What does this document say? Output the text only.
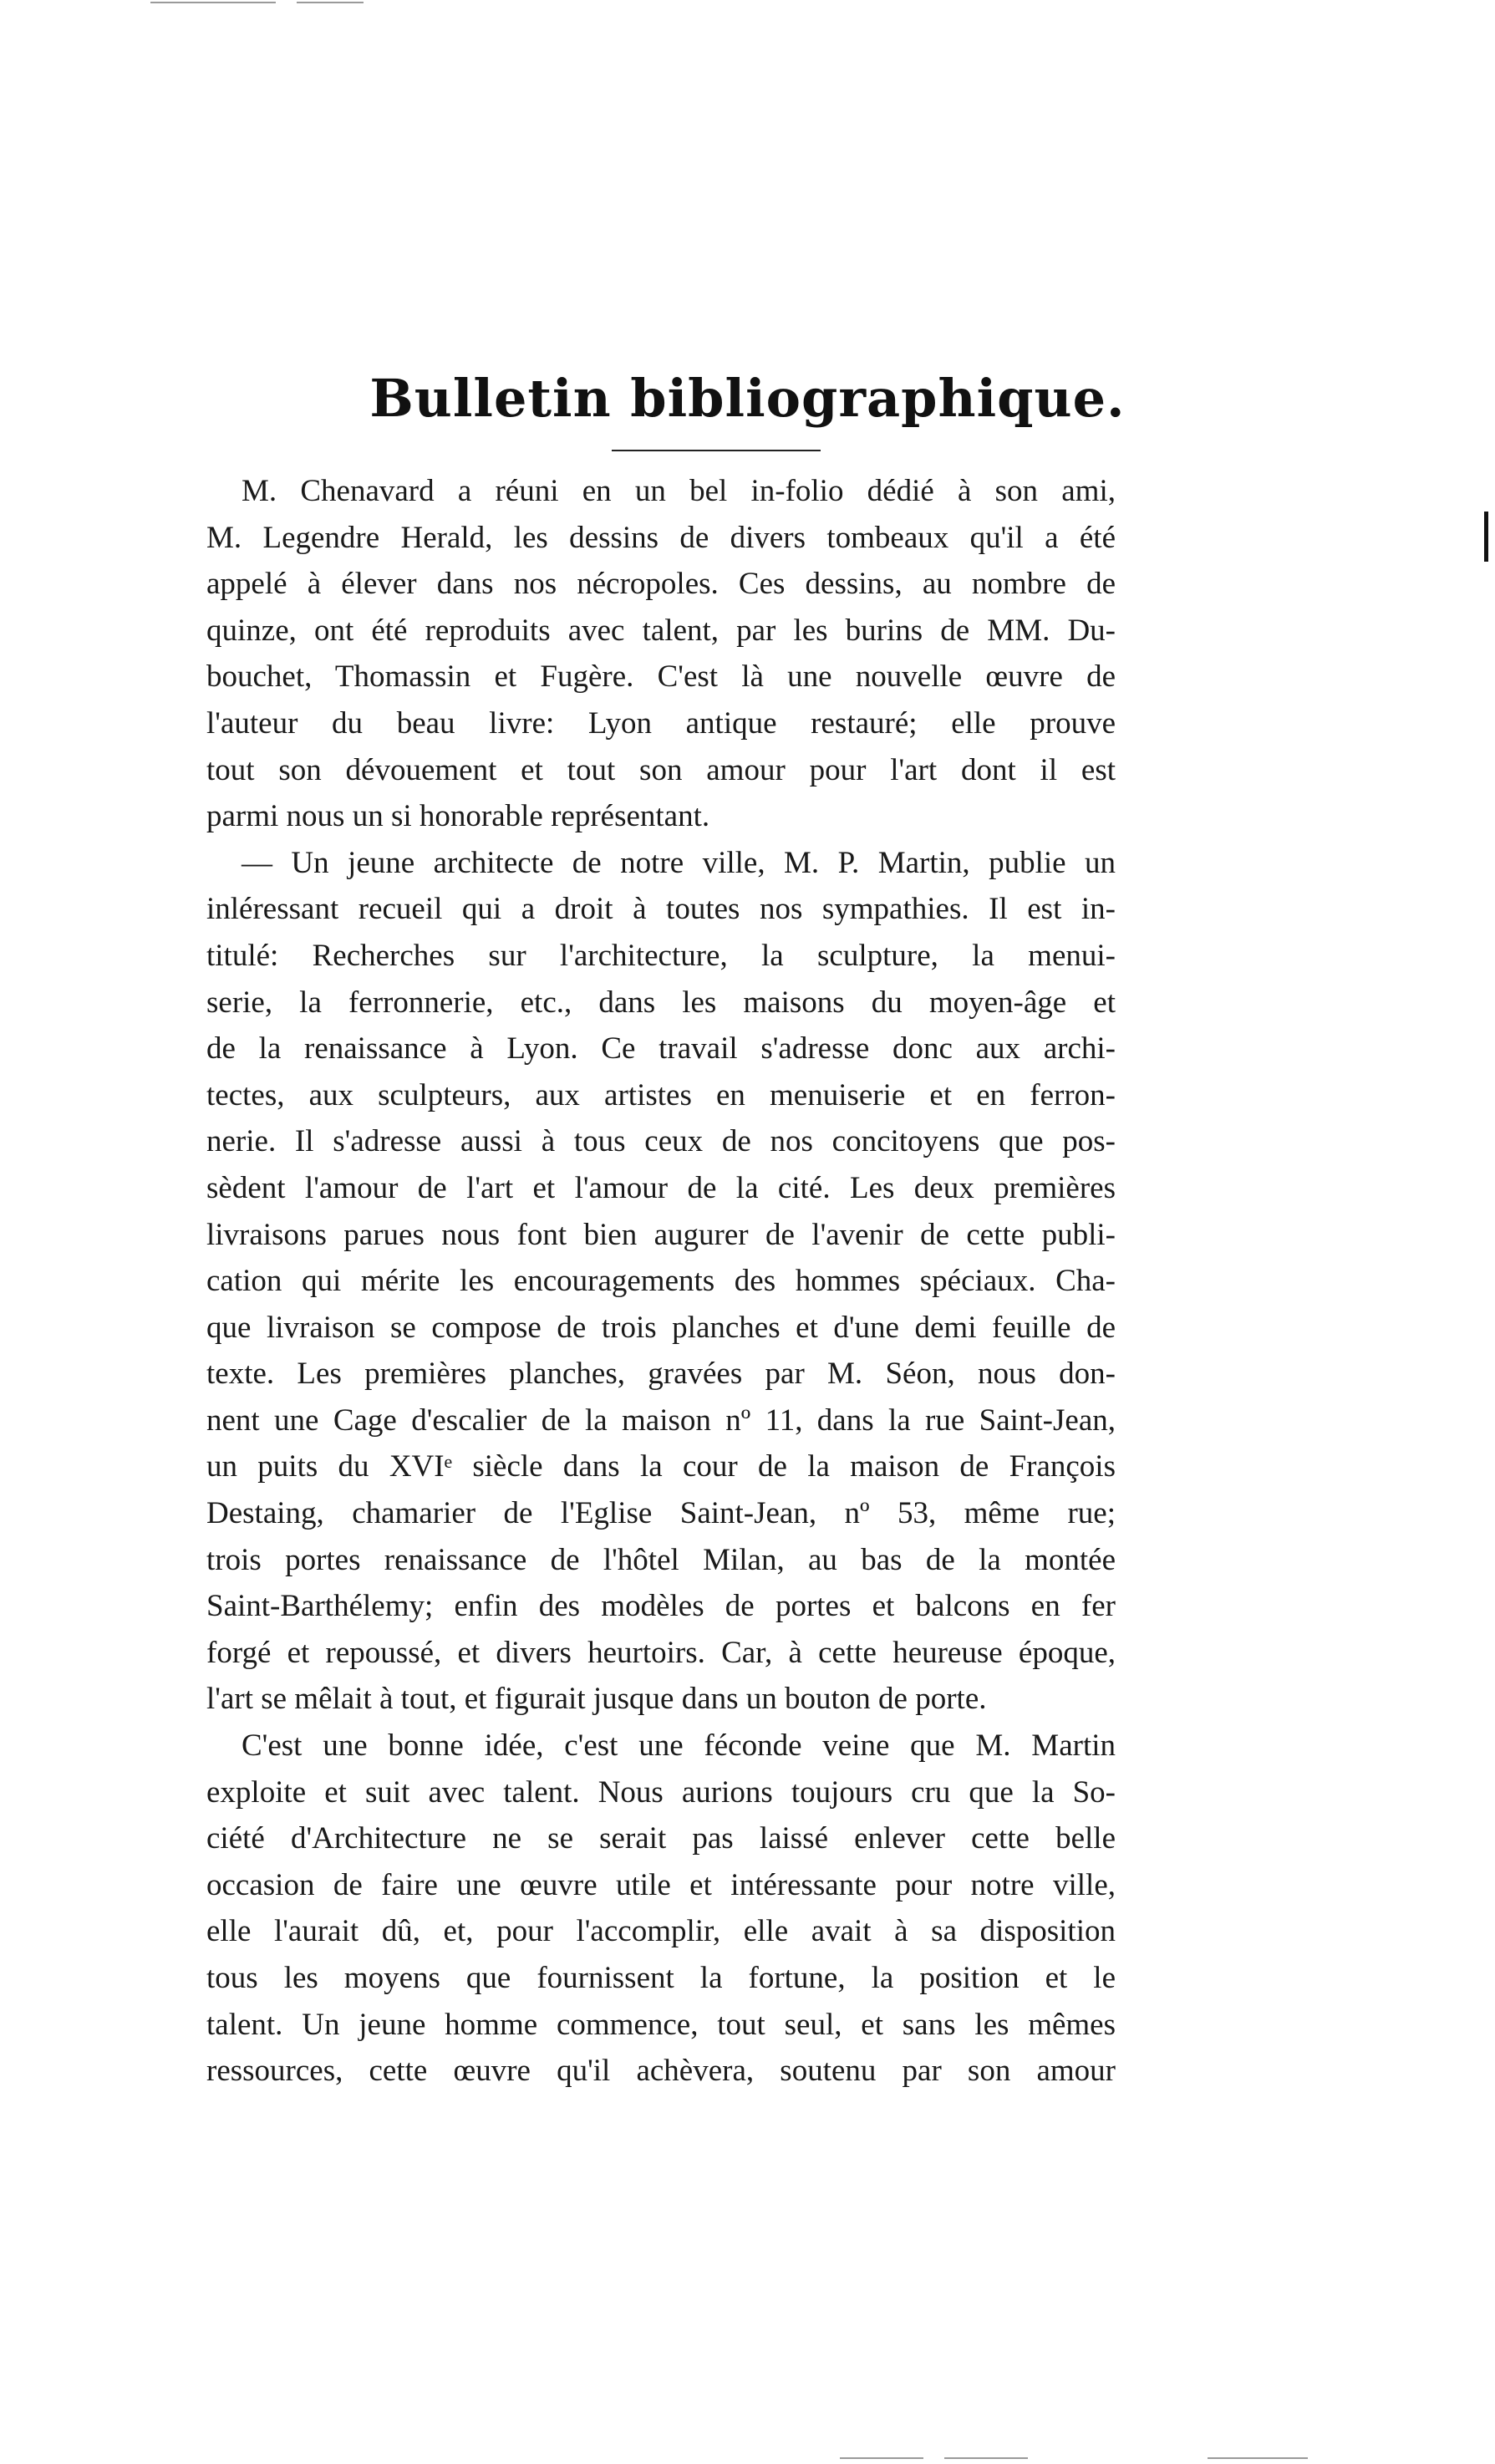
Bulletin bibliographique.
M. Chenavard a réuni en un bel in-folio dédié à son ami,
M. Legendre Herald, les dessins de divers tombeaux qu'il a été
appelé à élever dans nos nécropoles. Ces dessins, au nombre de
quinze, ont été reproduits avec talent, par les burins de MM. Du-
bouchet, Thomassin et Fugère. C'est là une nouvelle œuvre de
l'auteur du beau livre: Lyon antique restauré; elle prouve
tout son dévouement et tout son amour pour l'art dont il est
parmi nous un si honorable représentant.
— Un jeune architecte de notre ville, M. P. Martin, publie un
inléressant recueil qui a droit à toutes nos sympathies. Il est in-
titulé: Recherches sur l'architecture, la sculpture, la menui-
serie, la ferronnerie, etc., dans les maisons du moyen-âge et
de la renaissance à Lyon. Ce travail s'adresse donc aux archi-
tectes, aux sculpteurs, aux artistes en menuiserie et en ferron-
nerie. Il s'adresse aussi à tous ceux de nos concitoyens que pos-
sèdent l'amour de l'art et l'amour de la cité. Les deux premières
livraisons parues nous font bien augurer de l'avenir de cette publi-
cation qui mérite les encouragements des hommes spéciaux. Cha-
que livraison se compose de trois planches et d'une demi feuille de
texte. Les premières planches, gravées par M. Séon, nous don-
nent une Cage d'escalier de la maison nº 11, dans la rue Saint-Jean,
un puits du XVIᵉ siècle dans la cour de la maison de François
Destaing, chamarier de l'Eglise Saint-Jean, nº 53, même rue;
trois portes renaissance de l'hôtel Milan, au bas de la montée
Saint-Barthélemy; enfin des modèles de portes et balcons en fer
forgé et repoussé, et divers heurtoirs. Car, à cette heureuse époque,
l'art se mêlait à tout, et figurait jusque dans un bouton de porte.
C'est une bonne idée, c'est une féconde veine que M. Martin
exploite et suit avec talent. Nous aurions toujours cru que la So-
ciété d'Architecture ne se serait pas laissé enlever cette belle
occasion de faire une œuvre utile et intéressante pour notre ville,
elle l'aurait dû, et, pour l'accomplir, elle avait à sa disposition
tous les moyens que fournissent la fortune, la position et le
talent. Un jeune homme commence, tout seul, et sans les mêmes
ressources, cette œuvre qu'il achèvera, soutenu par son amour
